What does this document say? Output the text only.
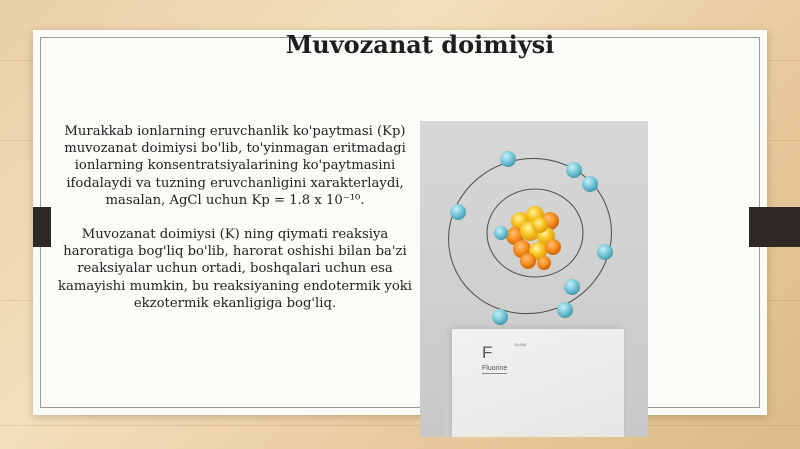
Muvozanat doimiysi

Murakkab ionlarning eruvchanlik ko'paytmasi (Kp) muvozanat doimiysi bo'lib, to'yinmagan eritmadagi ionlarning konsentratsiyalarining ko'paytmasini ifodalaydi va tuzning eruvchanligini xarakterlaydi, masalan, AgCl uchun Kp = 1.8 x 10⁻¹⁰.

Muvozanat doimiysi (K) ning qiymati reaksiya haroratiga bog'liq bo'lib, harorat oshishi bilan ba'zi reaksiyalar uchun ortadi, boshqalari uchun esa kamayishi mumkin, bu reaksiyaning endotermik yoki ekzotermik ekanligiga bog'liq.

F	18.998
Fluorine
